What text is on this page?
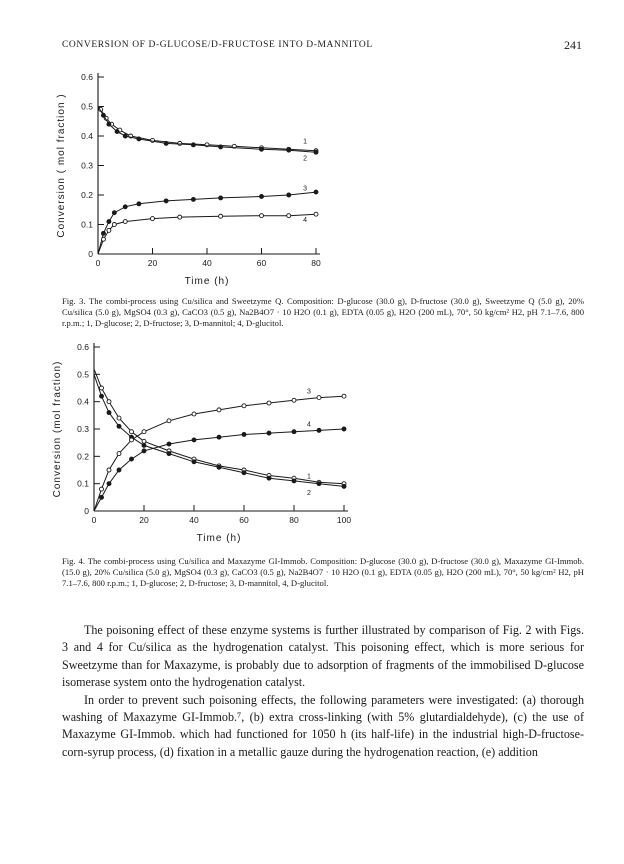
CONVERSION OF D-GLUCOSE/D-FRUCTOSE INTO D-MANNITOL	241
0	20	40	60	80
0
0.1
0.2
0.3
0.4
0.5
0.6
Time (h)
Conversion ( mol fraction )	1
2
3
4
Fig. 3. The combi-process using Cu/silica and Sweetzyme Q. Composition: D-glucose (30.0 g), D-fructose (30.0 g), Sweetzyme Q (5.0 g), 20% Cu/silica (5.0 g), MgSO4 (0.3 g), CaCO3 (0.5 g), Na2B4O7 · 10 H2O (0.1 g), EDTA (0.05 g), H2O (200 mL), 70°, 50 kg/cm² H2, pH 7.1–7.6, 800 r.p.m.; 1, D-glucose; 2, D-fructose; 3, D-mannitol; 4, D-glucitol.
0	20	40	60	80	100
0
0.1
0.2
0.3
0.4
0.5
0.6
Time (h)
Conversion (mol fraction)	1
2
3
4
Fig. 4. The combi-process using Cu/silica and Maxazyme GI-Immob. Composition: D-glucose (30.0 g), D-fructose (30.0 g), Maxazyme GI-Immob. (15.0 g), 20% Cu/silica (5.0 g), MgSO4 (0.3 g), CaCO3 (0.5 g), Na2B4O7 · 10 H2O (0.1 g), EDTA (0.05 g), H2O (200 mL), 70°, 50 kg/cm² H2, pH 7.1–7.6, 800 r.p.m.; 1, D-glucose; 2, D-fructose; 3, D-mannitol, 4, D-glucitol.

The poisoning effect of these enzyme systems is further illustrated by comparison of Fig. 2 with Figs. 3 and 4 for Cu/silica as the hydrogenation catalyst. This poisoning effect, which is more serious for Sweetzyme than for Maxazyme, is probably due to adsorption of fragments of the immobilised D-glucose isomerase system onto the hydrogenation catalyst.

In order to prevent such poisoning effects, the following parameters were investigated: (a) thorough washing of Maxazyme GI-Immob.⁷, (b) extra cross-linking (with 5% glutardialdehyde), (c) the use of Maxazyme GI-Immob. which had functioned for 1050 h (its half-life) in the industrial high-D-fructose-corn-syrup process, (d) fixation in a metallic gauze during the hydrogenation reaction, (e) addition
